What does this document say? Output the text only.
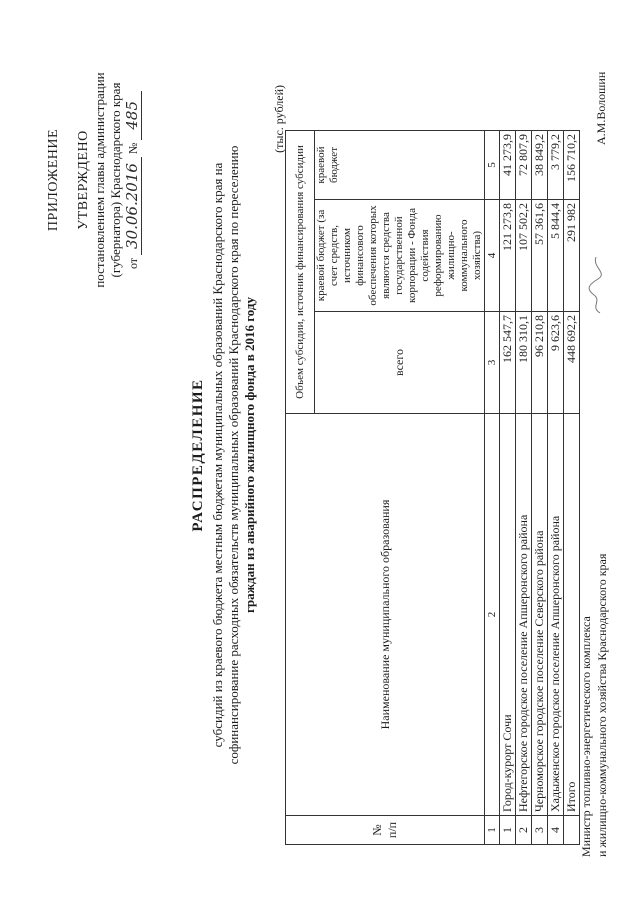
ПРИЛОЖЕНИЕ УТВЕРЖДЕНО постановлением главы администрации (губернатора) Краснодарского края от 30.06.2016 № 485
РАСПРЕДЕЛЕНИЕ субсидий из краевого бюджета местным бюджетам муниципальных образований Краснодарского края на софинансирование расходных обязательств муниципальных образований Краснодарского края по переселению граждан из аварийного жилищного фонда в 2016 году
(тыс. рублей)
№ п/п	Наименование муниципального образования	Объем субсидии, источник финансирования субсидии		
		всего	краевой бюджет (за счет средств, источником финансового обеспечения которых являются средства государственной корпорации - Фонда содействия реформированию жилищно-коммунального хозяйства)	краевой бюджет
1	2	3	4	5
1	Город-курорт Сочи	162 547,7	121 273,8	41 273,9
2	Нефтегорское городское поселение Апшеронского района	180 310,1	107 502,2	72 807,9
3	Черноморское городское поселение Северского района	96 210,8	57 361,6	38 849,2
4	Хадыженское городское поселение Апшеронского района	9 623,6	5 844,4	3 779,2
	Итого	448 692,2	291 982	156 710,2
Министр топливно-энергетического комплекса и жилищно-коммунального хозяйства Краснодарского края
А.М.Волошин
